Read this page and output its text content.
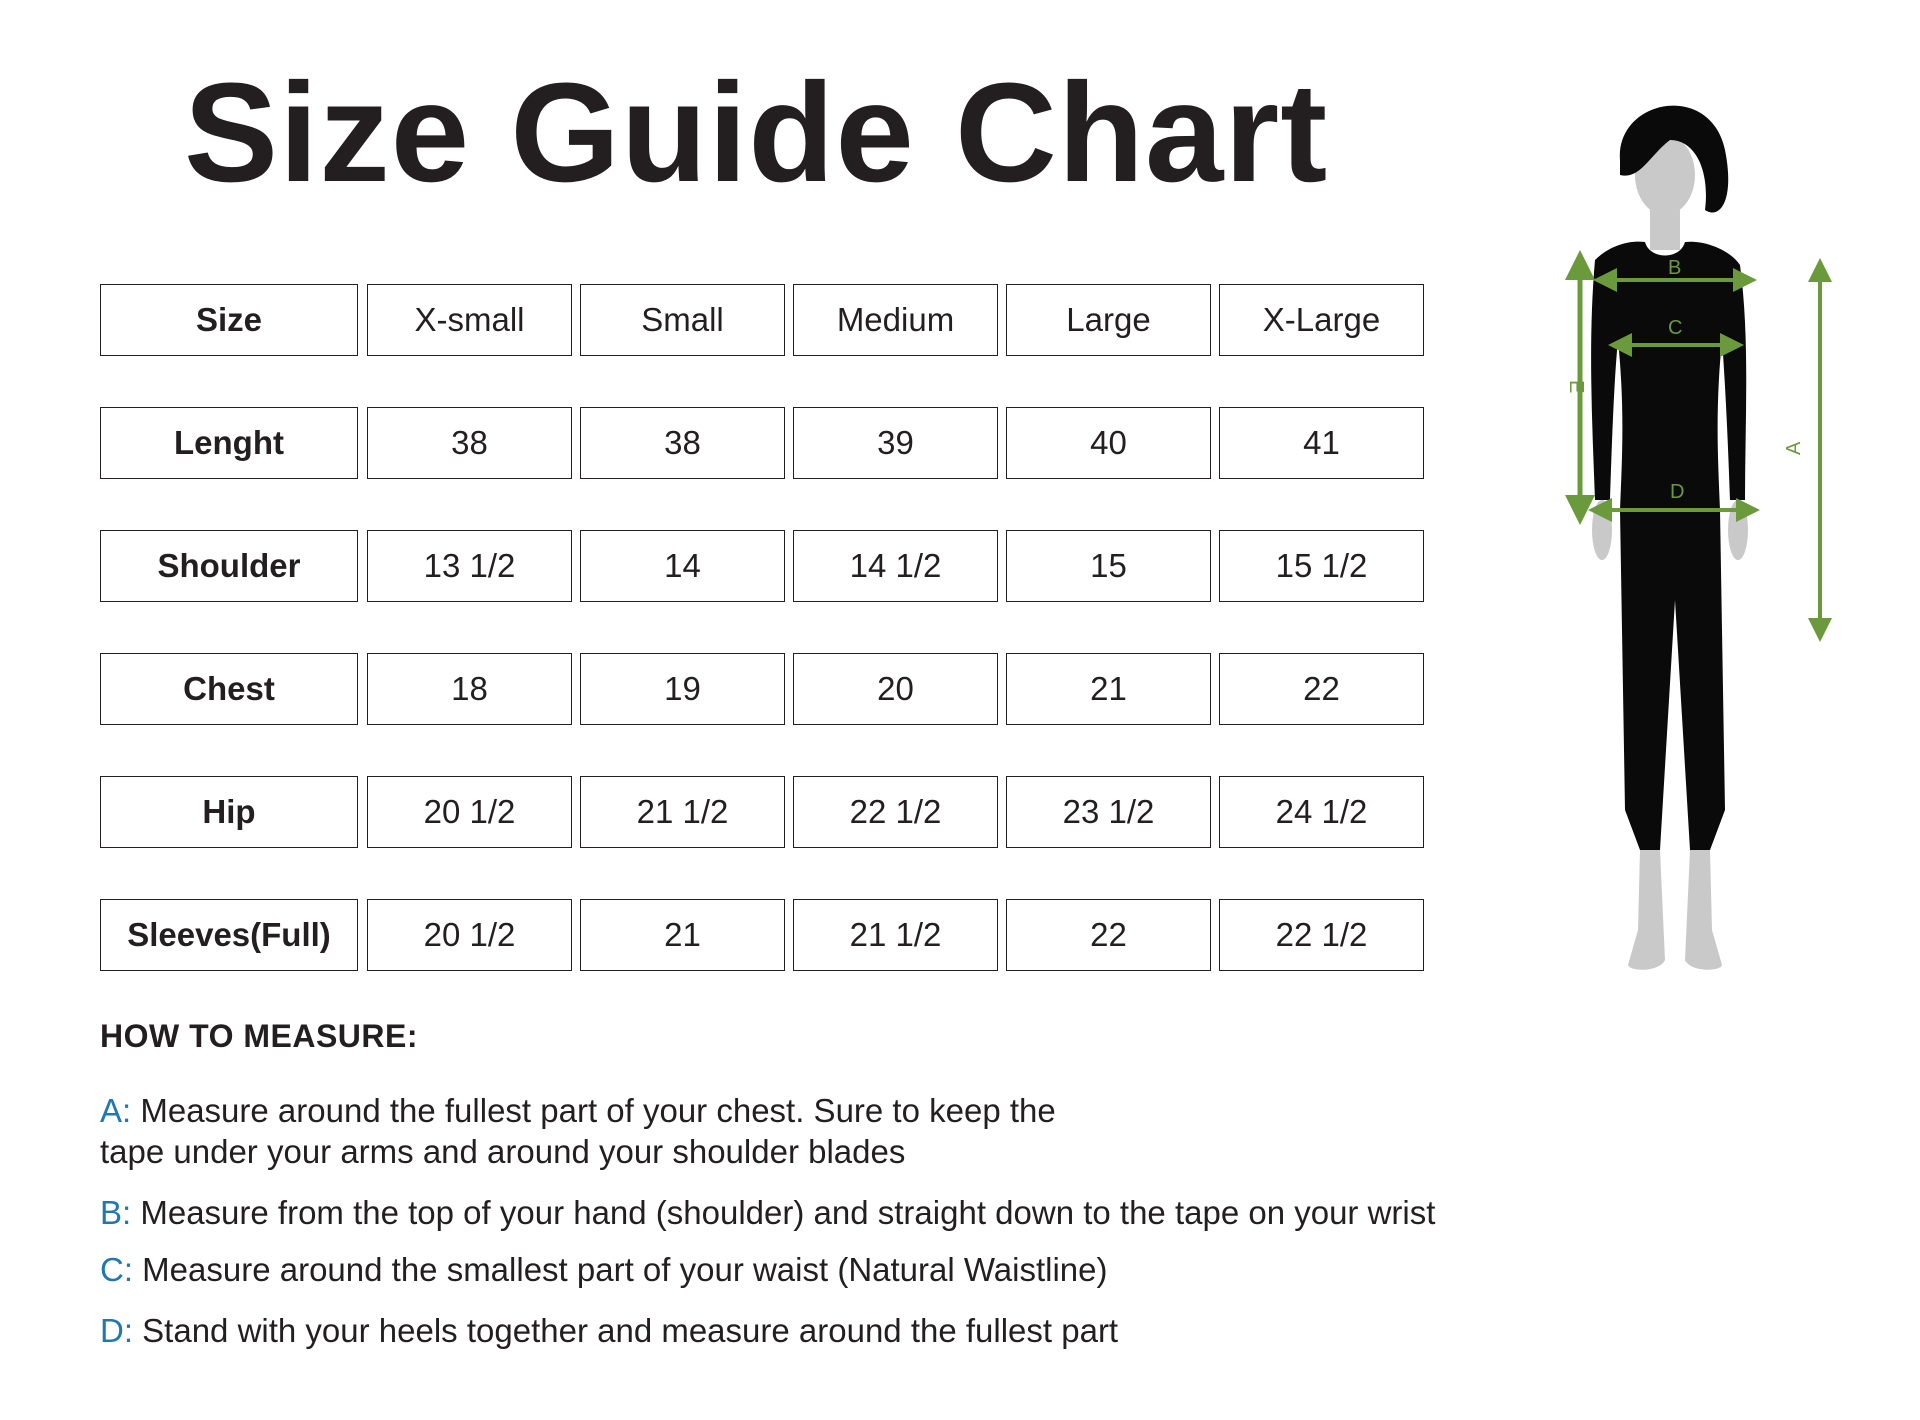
Size Guide Chart
Size	X-small	Small	Medium	Large	X-Large
Lenght	38	38	39	40	41
Shoulder	13 1/2	14	14 1/2	15	15 1/2
Chest	18	19	20	21	22
Hip	20 1/2	21 1/2	22 1/2	23 1/2	24 1/2
Sleeves(Full)	20 1/2	21	21 1/2	22	22 1/2
HOW TO MEASURE:
A: Measure around the fullest part of your chest. Sure to keep the
tape under your arms and around your shoulder blades
B: Measure from the top of your hand (shoulder) and straight down to the tape on your wrist
C: Measure around the smallest part of your waist (Natural Waistline)
D: Stand with your heels together and measure around the fullest part
A
E
B
C
D
